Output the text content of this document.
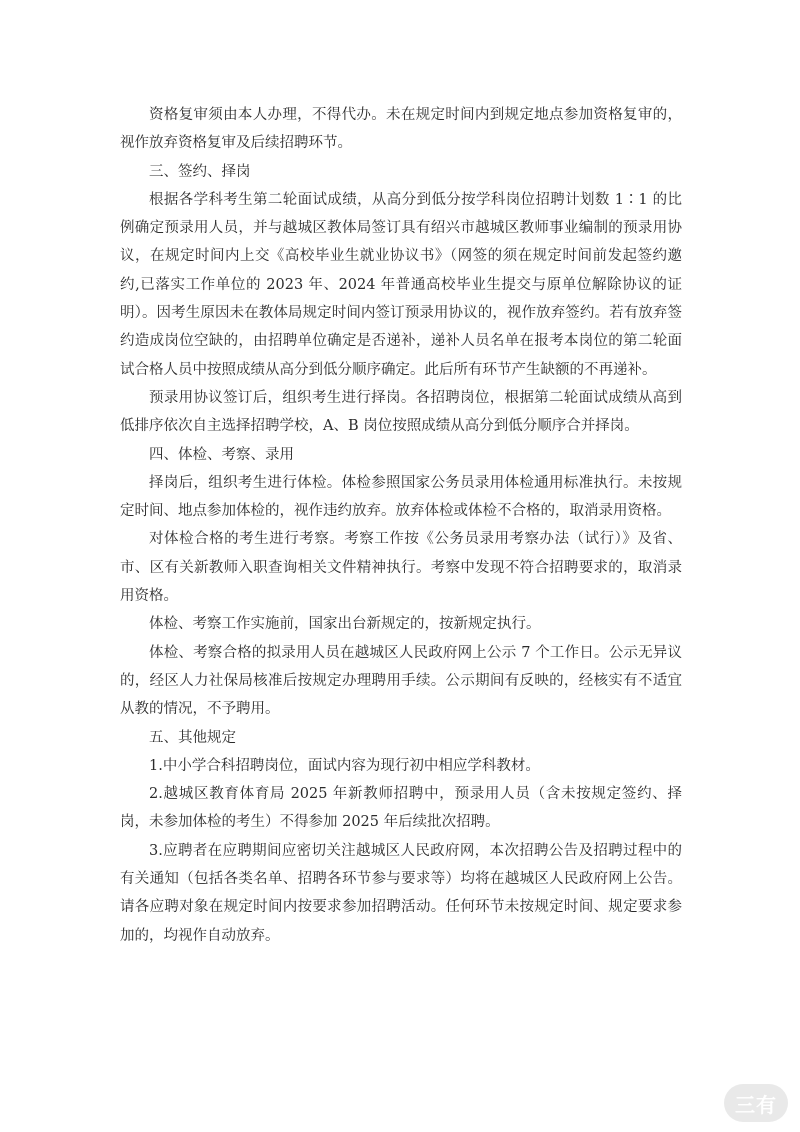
资格复审须由本人办理，不得代办。未在规定时间内到规定地点参加资格复审的，视作放弃资格复审及后续招聘环节。

三、签约、择岗

根据各学科考生第二轮面试成绩，从高分到低分按学科岗位招聘计划数 1∶1 的比例确定预录用人员，并与越城区教体局签订具有绍兴市越城区教师事业编制的预录用协议，在规定时间内上交《高校毕业生就业协议书》（网签的须在规定时间前发起签约邀约,已落实工作单位的 2023 年、2024 年普通高校毕业生提交与原单位解除协议的证明）。因考生原因未在教体局规定时间内签订预录用协议的，视作放弃签约。若有放弃签约造成岗位空缺的，由招聘单位确定是否递补，递补人员名单在报考本岗位的第二轮面试合格人员中按照成绩从高分到低分顺序确定。此后所有环节产生缺额的不再递补。

预录用协议签订后，组织考生进行择岗。各招聘岗位，根据第二轮面试成绩从高到低排序依次自主选择招聘学校，A、B 岗位按照成绩从高分到低分顺序合并择岗。

四、体检、考察、录用

择岗后，组织考生进行体检。体检参照国家公务员录用体检通用标准执行。未按规定时间、地点参加体检的，视作违约放弃。放弃体检或体检不合格的，取消录用资格。

对体检合格的考生进行考察。考察工作按《公务员录用考察办法（试行）》及省、市、区有关新教师入职查询相关文件精神执行。考察中发现不符合招聘要求的，取消录用资格。

体检、考察工作实施前，国家出台新规定的，按新规定执行。

体检、考察合格的拟录用人员在越城区人民政府网上公示 7 个工作日。公示无异议的，经区人力社保局核准后按规定办理聘用手续。公示期间有反映的，经核实有不适宜从教的情况，不予聘用。

五、其他规定

1.中小学合科招聘岗位，面试内容为现行初中相应学科教材。

2.越城区教育体育局 2025 年新教师招聘中，预录用人员（含未按规定签约、择岗，未参加体检的考生）不得参加 2025 年后续批次招聘。

3.应聘者在应聘期间应密切关注越城区人民政府网，本次招聘公告及招聘过程中的有关通知（包括各类名单、招聘各环节参与要求等）均将在越城区人民政府网上公告。请各应聘对象在规定时间内按要求参加招聘活动。任何环节未按规定时间、规定要求参加的，均视作自动放弃。

三有
